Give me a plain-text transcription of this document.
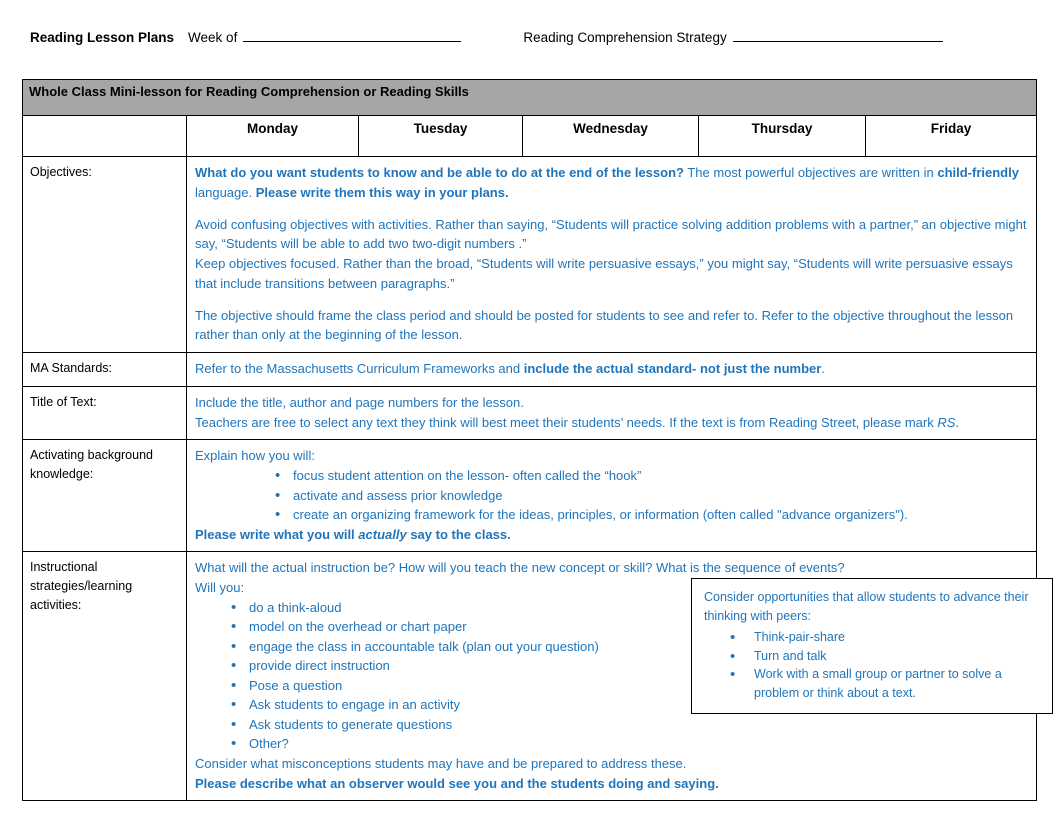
Reading Lesson Plans Week of	Reading Comprehension Strategy
Whole Class Mini-lesson for Reading Comprehension or Reading Skills					
	Monday	Tuesday	Wednesday	Thursday	Friday
Objectives:	What do you want students to know and be able to do at the end of the lesson? The most powerful objectives are written in child-friendly language. Please write them this way in your plans.

Avoid confusing objectives with activities. Rather than saying, “Students will practice solving addition problems with a partner,” an objective might say, “Students will be able to add two two-digit numbers .”

Keep objectives focused. Rather than the broad, “Students will write persuasive essays,” you might say, “Students will write persuasive essays that include transitions between paragraphs.”

The objective should frame the class period and should be posted for students to see and refer to. Refer to the objective throughout the lesson rather than only at the beginning of the lesson.				

MA Standards:	Refer to the Massachusetts Curriculum Frameworks and include the actual standard- not just the number.				

Title of Text:	Include the title, author and page numbers for the lesson.

Teachers are free to select any text they think will best meet their students’ needs. If the text is from Reading Street, please mark RS.				

Activating background knowledge:	

Explain how you will:

• focus student attention on the lesson- often called the “hook”
• activate and assess prior knowledge
• create an organizing framework for the ideas, principles, or information (often called "advance organizers").

Please write what you will actually say to the class.

Instructional strategies/learning activities:	

What will the actual instruction be? How will you teach the new concept or skill? What is the sequence of events?

Will you:

• do a think-aloud
• model on the overhead or chart paper
• engage the class in accountable talk (plan out your question)
• provide direct instruction
• Pose a question
• Ask students to engage in an activity
• Ask students to generate questions
• Other?

Consider what misconceptions students may have and be prepared to address these.

Please describe what an observer would see you and the students doing and saying.

Consider opportunities that allow students to advance their thinking with peers:

• Think-pair-share
• Turn and talk
• Work with a small group or partner to solve a problem or think about a text.
